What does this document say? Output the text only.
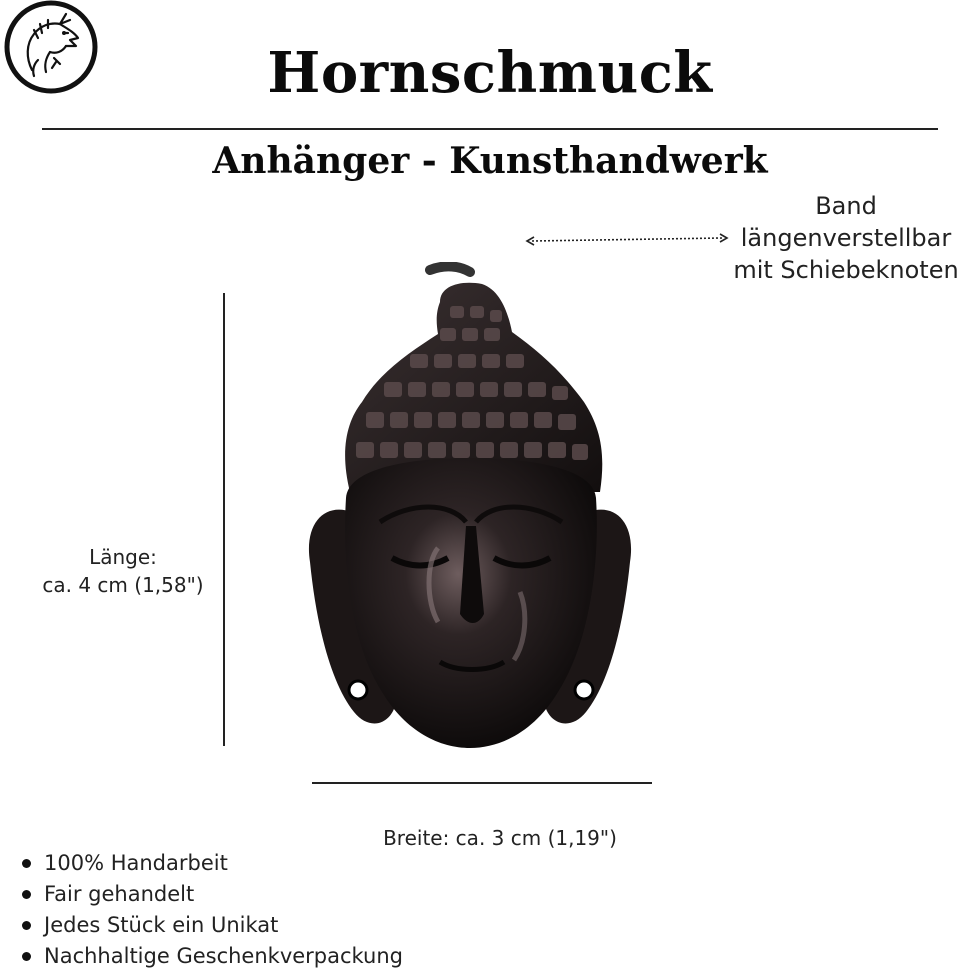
Hornschmuck
Anhänger - Kunsthandwerk
Band
längenverstellbar
mit Schiebeknoten
Länge:
ca. 4 cm (1,58")
Breite: ca. 3 cm (1,19")
100% Handarbeit
Fair gehandelt
Jedes Stück ein Unikat
Nachhaltige Geschenkverpackung
